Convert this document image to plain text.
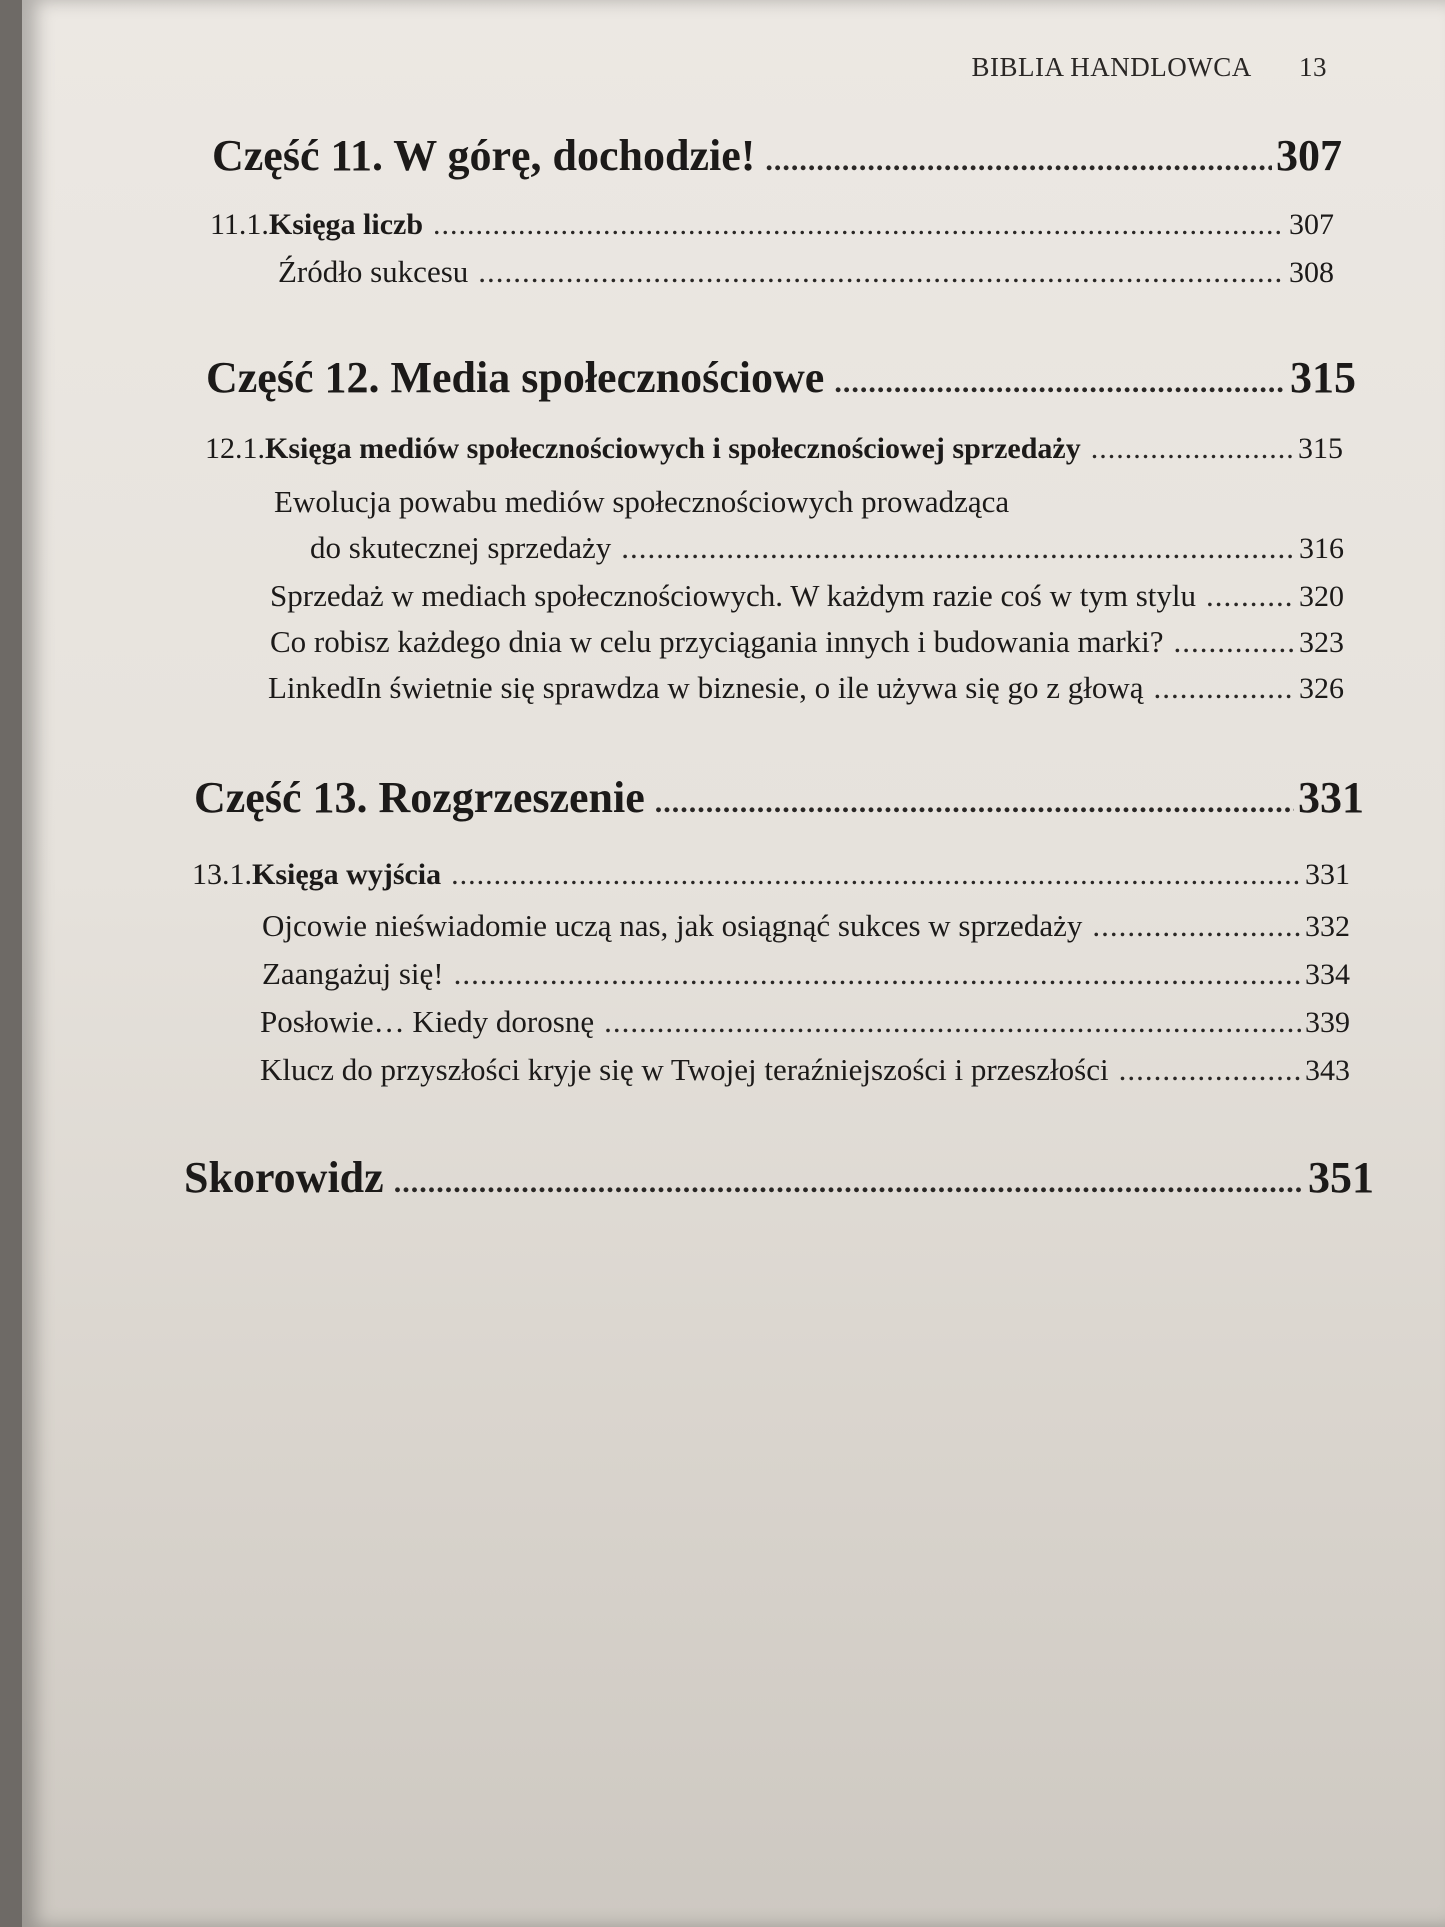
BIBLIA HANDLOWCA 13
Część 11. W górę, dochodzie! .....	307
11.1. Księga liczb .....	307
Źródło sukcesu .....	308
Część 12. Media społecznościowe .....	315
12.1. Księga mediów społecznościowych i społecznościowej sprzedaży .....	315
Ewolucja powabu mediów społecznościowych prowadząca
do skutecznej sprzedaży .....	316
Sprzedaż w mediach społecznościowych. W każdym razie coś w tym stylu .....	320
Co robisz każdego dnia w celu przyciągania innych i budowania marki? .....	323
LinkedIn świetnie się sprawdza w biznesie, o ile używa się go z głową .....	326
Część 13. Rozgrzeszenie .....	331
13.1. Księga wyjścia .....	331
Ojcowie nieświadomie uczą nas, jak osiągnąć sukces w sprzedaży .....	332
Zaangażuj się! .....	334
Posłowie… Kiedy dorosnę .....	339
Klucz do przyszłości kryje się w Twojej teraźniejszości i przeszłości .....	343
Skorowidz .....	351
